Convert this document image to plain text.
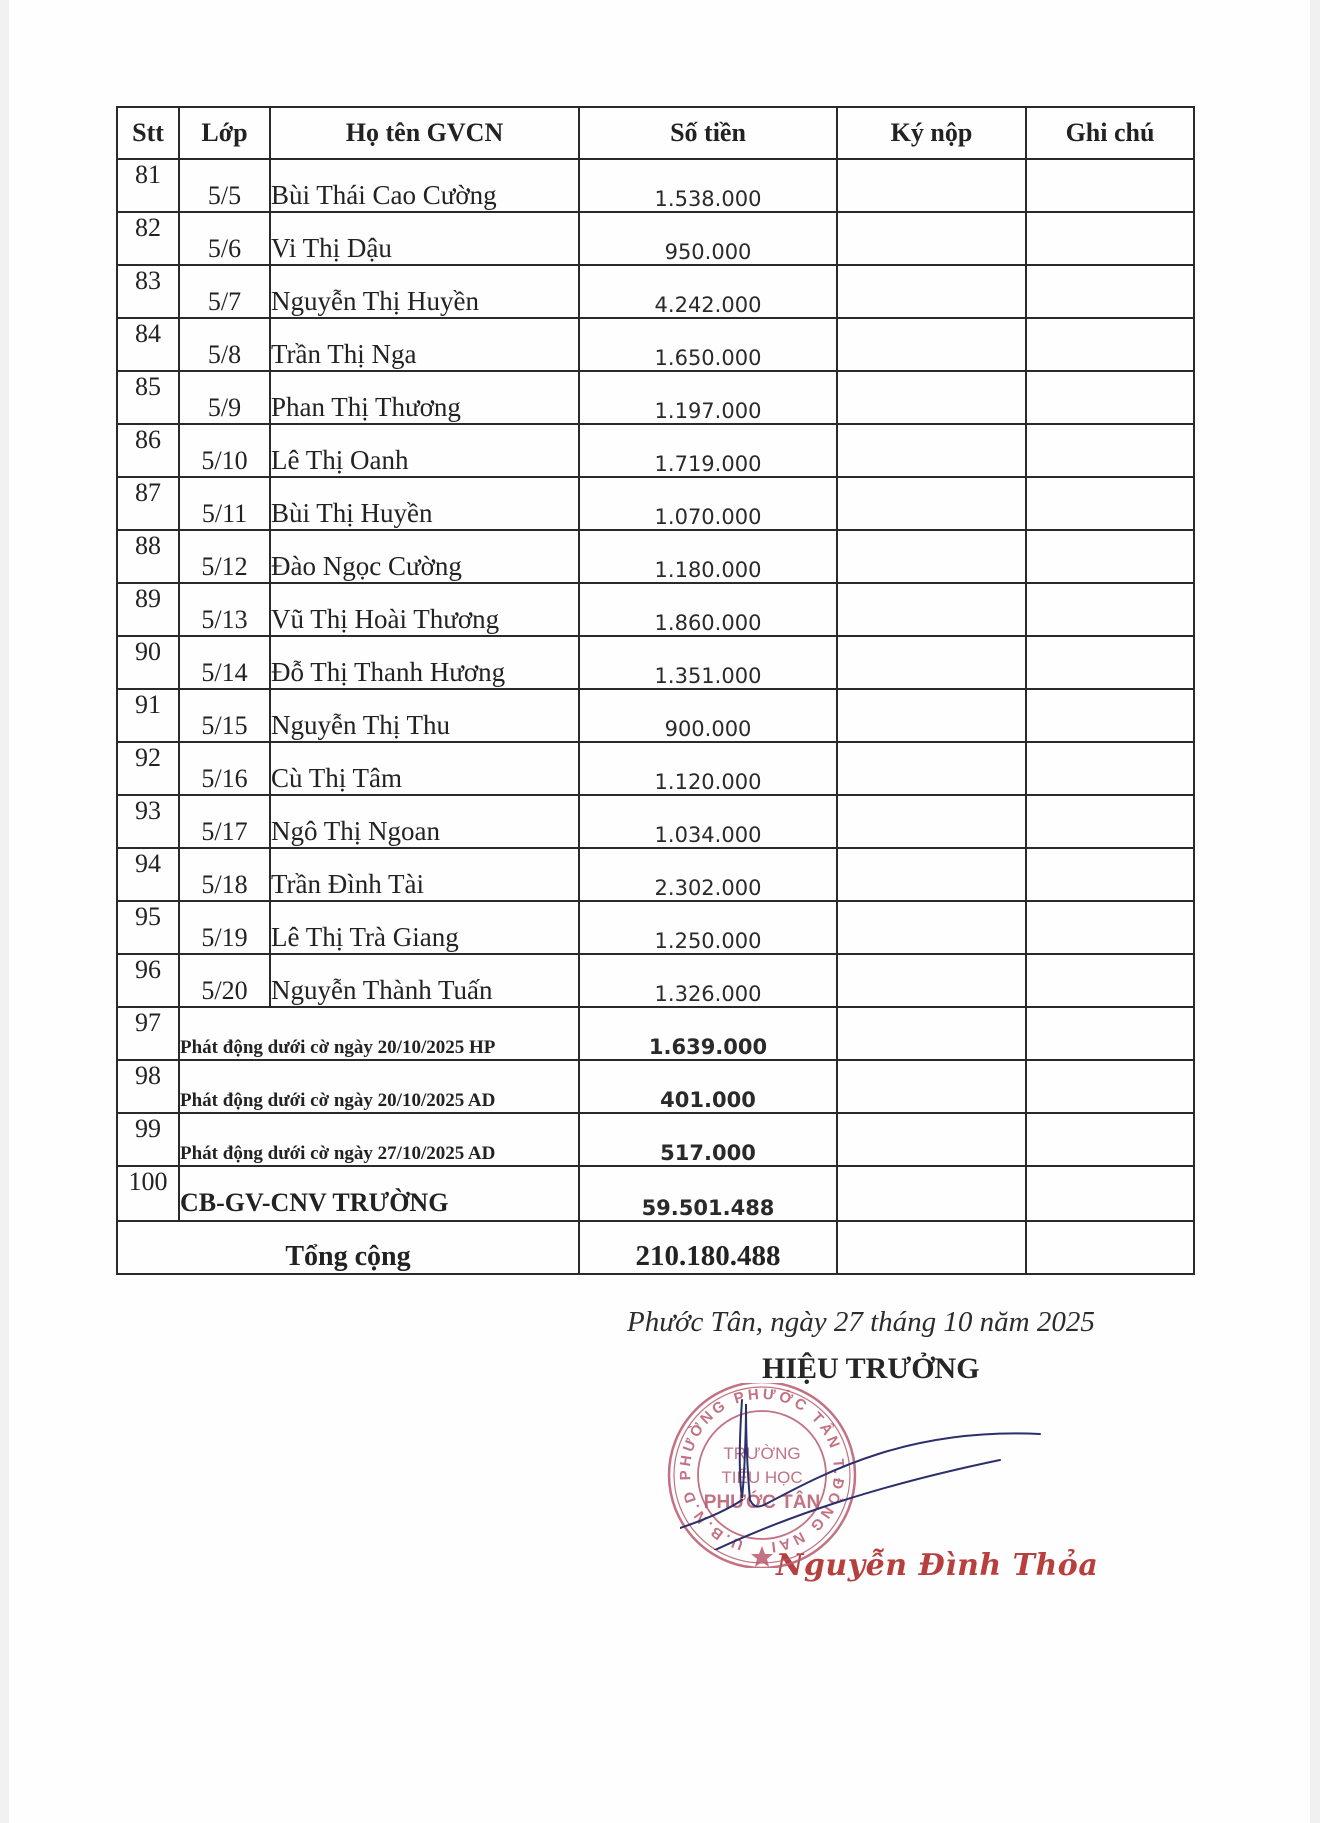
Stt	Lớp	Họ tên GVCN	Số tiền	Ký nộp	Ghi chú
81	5/5	Bùi Thái Cao Cường	1.538.000		
82	5/6	Vi Thị Dậu	950.000		
83	5/7	Nguyễn Thị Huyền	4.242.000		
84	5/8	Trần Thị Nga	1.650.000		
85	5/9	Phan Thị Thương	1.197.000		
86	5/10	Lê Thị Oanh	1.719.000		
87	5/11	Bùi Thị Huyền	1.070.000		
88	5/12	Đào Ngọc Cường	1.180.000		
89	5/13	Vũ Thị Hoài Thương	1.860.000		
90	5/14	Đỗ Thị Thanh Hương	1.351.000		
91	5/15	Nguyễn Thị Thu	900.000		
92	5/16	Cù Thị Tâm	1.120.000		
93	5/17	Ngô Thị Ngoan	1.034.000		
94	5/18	Trần Đình Tài	2.302.000		
95	5/19	Lê Thị Trà Giang	1.250.000		
96	5/20	Nguyễn Thành Tuấn	1.326.000		
97	Phát động dưới cờ ngày 20/10/2025 HP		1.639.000		
98	Phát động dưới cờ ngày 20/10/2025 AD		401.000		
99	Phát động dưới cờ ngày 27/10/2025 AD		517.000		
100	CB-GV-CNV TRƯỜNG		59.501.488		
Tổng cộng			210.180.488		
Phước Tân, ngày 27 tháng 10 năm 2025
U.B.N.D PHƯỜNG PHƯỚC TÂN T.ĐỒNG NAI
TRƯỜNG
TIỂU HỌC
PHƯỚC TÂN
HIỆU TRƯỞNG
Nguyễn Đình Thỏa
